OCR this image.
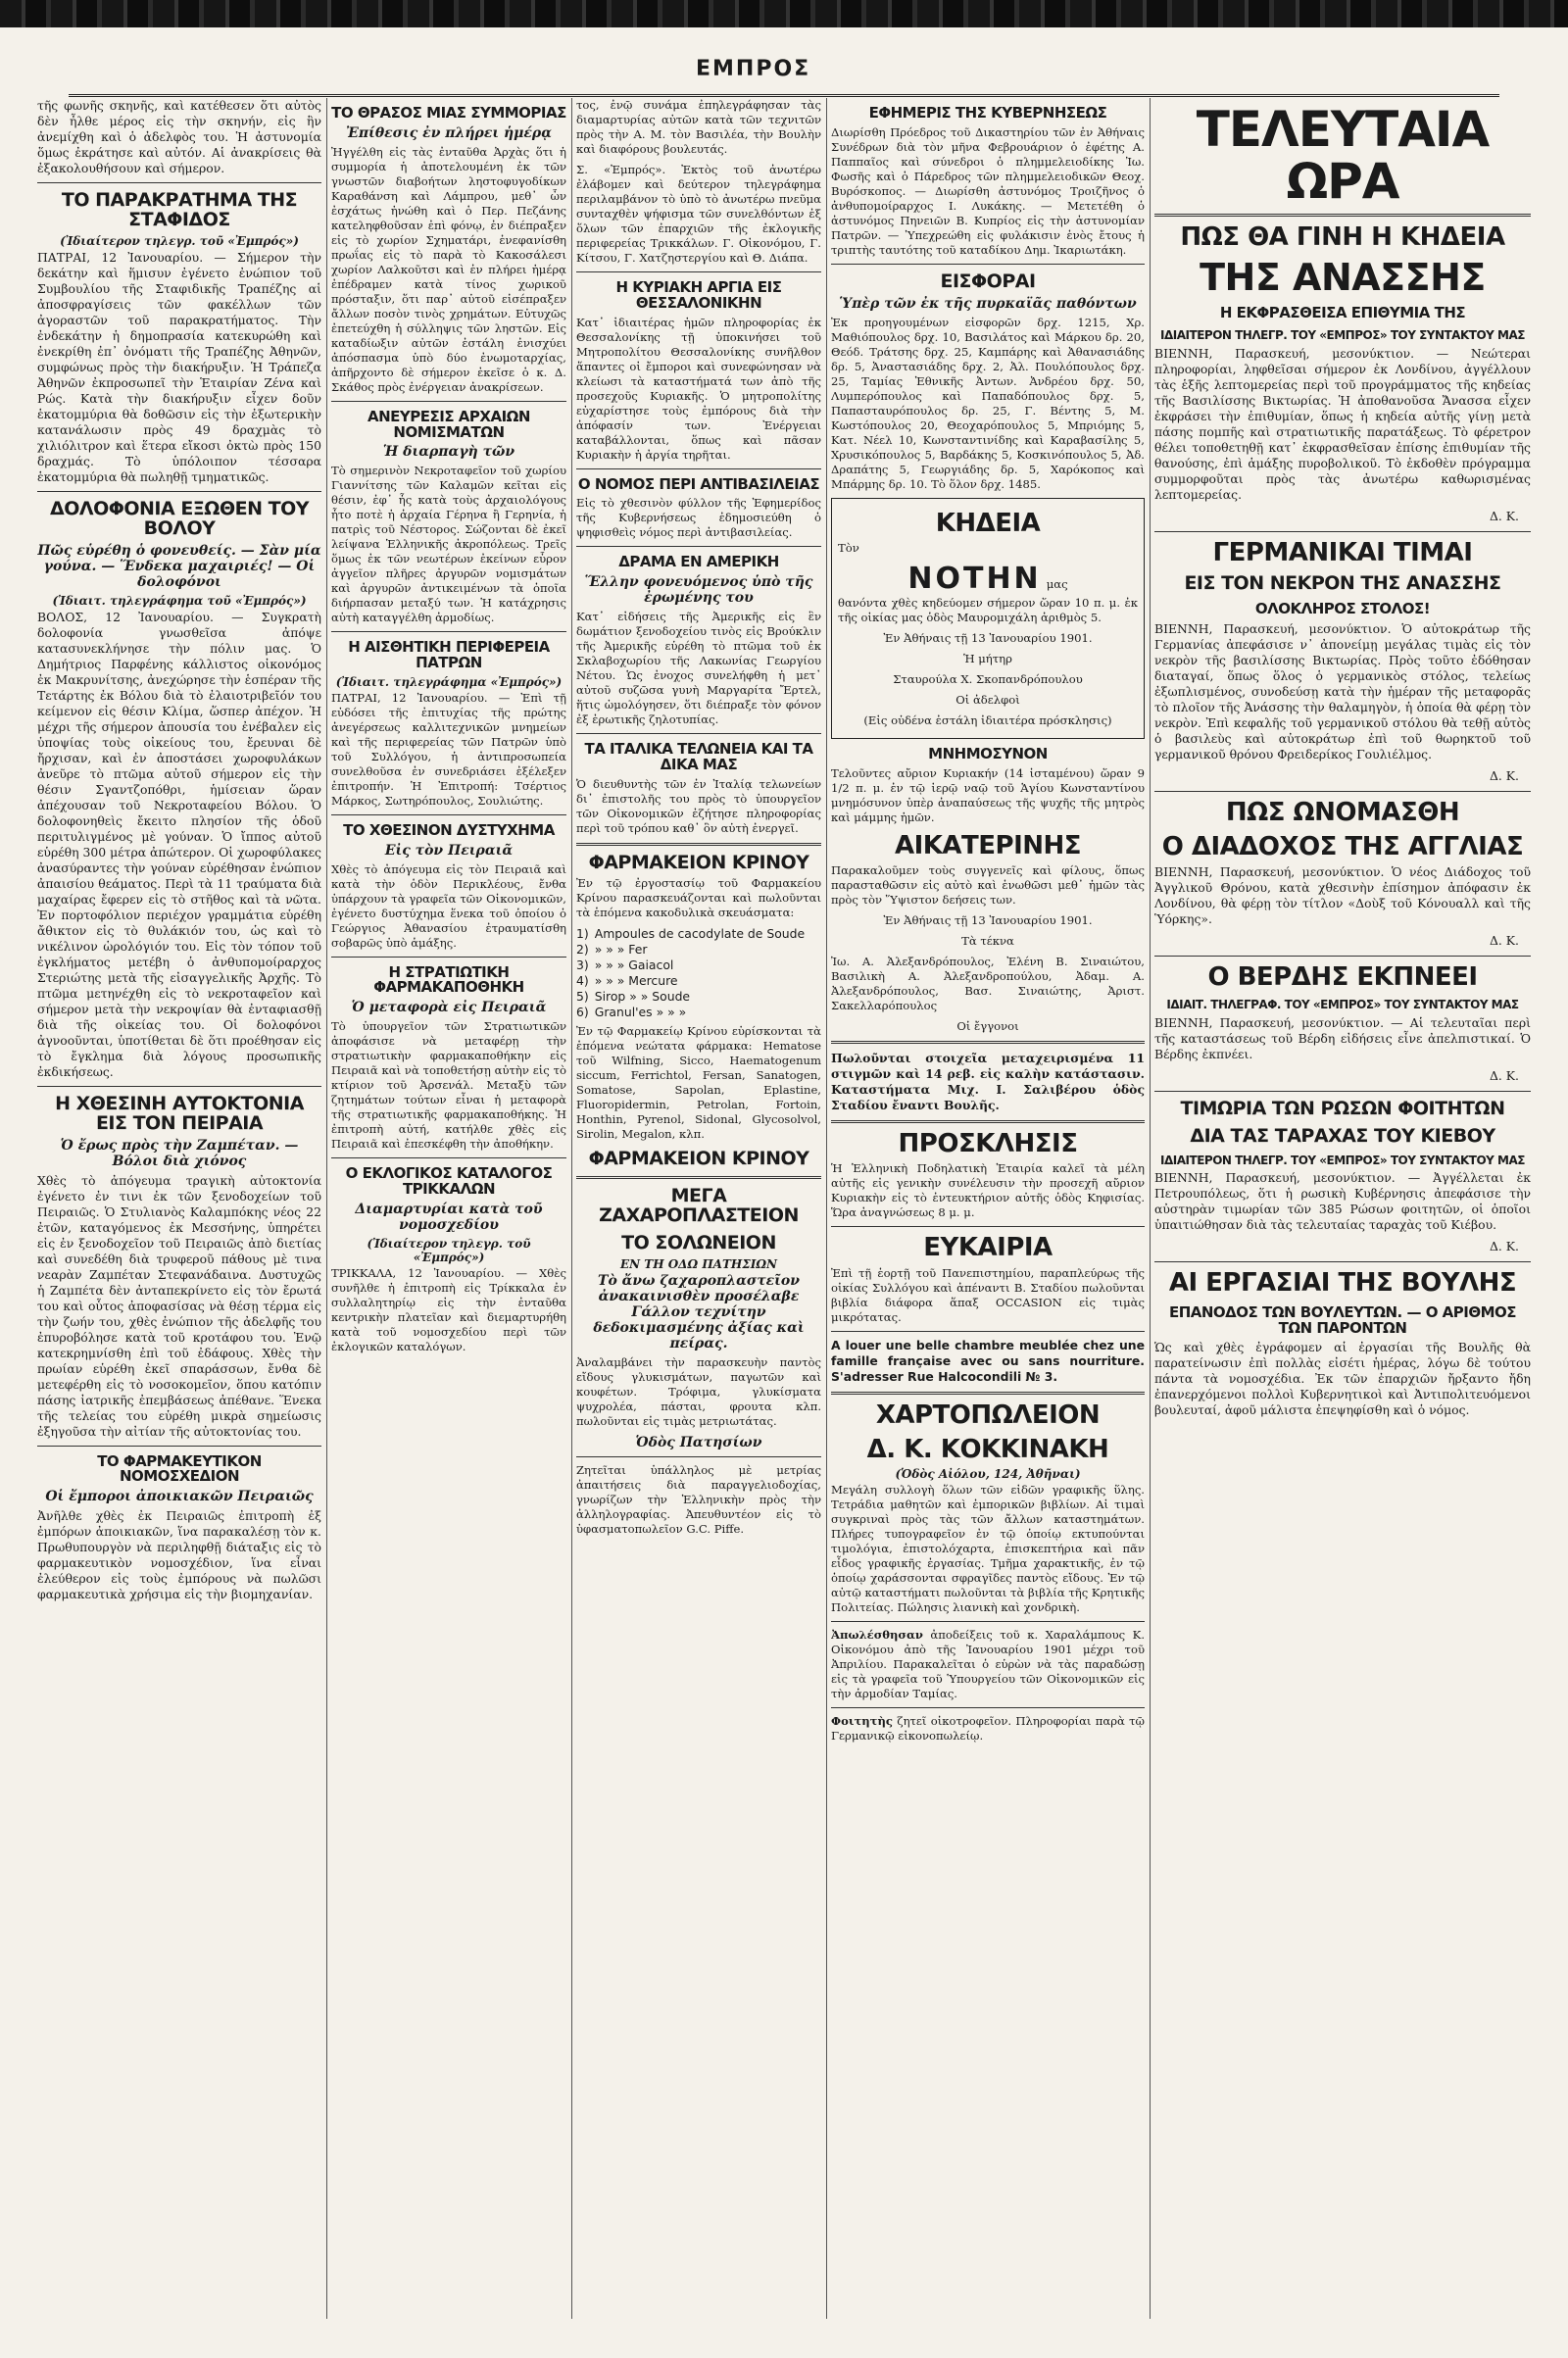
ΕΜΠΡΟΣ

τῆς φωνῆς σκηνῆς, καὶ κατέθεσεν ὅτι αὐτὸς δὲν ἦλθε μέρος εἰς τὴν σκηνήν, εἰς ἣν ἀνεμίχθη καὶ ὁ ἀδελφὸς του. Ἡ ἀστυνομία ὅμως ἐκράτησε καὶ αὐτόν. Αἱ ἀνακρίσεις θὰ ἐξακολουθήσουν καὶ σήμερον.

ΤΟ ΠΑΡΑΚΡΑΤΗΜΑ ΤΗΣ ΣΤΑΦΙΔΟΣ
(Ἰδιαίτερον τηλεγρ. τοῦ «Ἐμπρός»)

ΠΑΤΡΑΙ, 12 Ἰανουαρίου. — Σήμερον τὴν δεκάτην καὶ ἥμισυν ἐγένετο ἐνώπιον τοῦ Συμβουλίου τῆς Σταφιδικῆς Τραπέζης αἱ ἀποσφραγίσεις τῶν φακέλλων τῶν ἀγοραστῶν τοῦ παρακρατήματος. Τὴν ἐνδεκάτην ἡ δημοπρασία κατεκυρώθη καὶ ἐνεκρίθη ἐπ᾽ ὀνόματι τῆς Τραπέζης Ἀθηνῶν, συμφώνως πρὸς τὴν διακήρυξιν. Ἡ Τράπεζα Ἀθηνῶν ἐκπροσωπεῖ τὴν Ἑταιρίαν Ζένα καὶ Ρώς. Κατὰ τὴν διακήρυξιν εἶχεν δοῦν ἑκατομμύρια θὰ δοθῶσιν εἰς τὴν ἐξωτερικὴν κατανάλωσιν πρὸς 49 δραχμὰς τὸ χιλιόλιτρον καὶ ἕτερα εἴκοσι ὀκτὼ πρὸς 150 δραχμάς. Τὸ ὑπόλοιπον τέσσαρα ἑκατομμύρια θὰ πωληθῇ τμηματικῶς.

ΔΟΛΟΦΟΝΙΑ ΕΞΩΘΕΝ ΤΟΥ ΒΟΛΟΥ
Πῶς εὑρέθη ὁ φονευθείς. — Σὰν μία γούνα. — Ἕνδεκα μαχαιριές! — Οἱ δολοφόνοι
(Ἰδιαιτ. τηλεγράφημα τοῦ «Ἐμπρός»)

ΒΟΛΟΣ, 12 Ἰανουαρίου. — Συγκρατὴ δολοφονία γνωσθεῖσα ἀπόψε κατασυνεκλήνησε τὴν πόλιν μας. Ὁ Δημήτριος Παρφένης κάλλιστος οἰκονόμος ἐκ Μακρυνίτσης, ἀνεχώρησε τὴν ἑσπέραν τῆς Τετάρτης ἐκ Βόλου διὰ τὸ ἐλαιοτριβεῖόν του κείμενον εἰς θέσιν Κλίμα, ὥσπερ ἀπέχον. Ἡ μέχρι τῆς σήμερον ἀπουσία του ἐνέβαλεν εἰς ὑποψίας τοὺς οἰκείους του, ἔρευναι δὲ ἤρχισαν, καὶ ἐν ἀποστάσει χωροφυλάκων ἀνεῦρε τὸ πτῶμα αὐτοῦ σήμερον εἰς τὴν θέσιν Σγαντζοπόθρι, ἡμίσειαν ὥραν ἀπέχουσαν τοῦ Νεκροταφείου Βόλου. Ὁ δολοφονηθεὶς ἔκειτο πλησίον τῆς ὁδοῦ περιτυλιγμένος μὲ γούναν. Ὁ ἴππος αὐτοῦ εὑρέθη 300 μέτρα ἀπώτερον. Οἱ χωροφύλακες ἀνασύραντες τὴν γούναν εὑρέθησαν ἐνώπιον ἀπαισίου θεάματος. Περὶ τὰ 11 τραύματα διὰ μαχαίρας ἔφερεν εἰς τὸ στῆθος καὶ τὰ νῶτα. Ἐν πορτοφόλιον περιέχον γραμμάτια εὑρέθη ἄθικτον εἰς τὸ θυλάκιόν του, ὡς καὶ τὸ νικέλινον ὡρολόγιόν του. Εἰς τὸν τόπον τοῦ ἐγκλήματος μετέβη ὁ ἀνθυπομοίραρχος Στεριώτης μετὰ τῆς εἰσαγγελικῆς Ἀρχῆς. Τὸ πτῶμα μετηνέχθη εἰς τὸ νεκροταφεῖον καὶ σήμερον μετὰ τὴν νεκροψίαν θὰ ἐνταφιασθῇ διὰ τῆς οἰκείας του. Οἱ δολοφόνοι ἀγνοοῦνται, ὑποτίθεται δὲ ὅτι προέθησαν εἰς τὸ ἔγκλημα διὰ λόγους προσωπικῆς ἐκδικήσεως.

Η ΧΘΕΣΙΝΗ ΑΥΤΟΚΤΟΝΙΑ ΕΙΣ ΤΟΝ ΠΕΙΡΑΙΑ
Ὁ ἔρως πρὸς τὴν Ζαμπέταν. — Βόλοι διὰ χιόνος

Χθὲς τὸ ἀπόγευμα τραγικὴ αὐτοκτονία ἐγένετο ἐν τινι ἐκ τῶν ξενοδοχείων τοῦ Πειραιῶς. Ὁ Στυλιανὸς Καλαμπόκης νέος 22 ἐτῶν, καταγόμενος ἐκ Μεσσήνης, ὑπηρέτει εἰς ἐν ξενοδοχεῖον τοῦ Πειραιῶς ἀπὸ διετίας καὶ συνεδέθη διὰ τρυφεροῦ πάθους μὲ τινα νεαρὰν Ζαμπέταν Στεφανάδαινα. Δυστυχῶς ἡ Ζαμπέτα δὲν ἀνταπεκρίνετο εἰς τὸν ἔρωτά του καὶ οὗτος ἀποφασίσας νὰ θέσῃ τέρμα εἰς τὴν ζωήν του, χθὲς ἐνώπιον τῆς ἀδελφῆς του ἐπυροβόλησε κατὰ τοῦ κροτάφου του. Ἐνῷ κατεκρημνίσθη ἐπὶ τοῦ ἐδάφους. Χθὲς τὴν πρωίαν εὑρέθη ἐκεῖ σπαράσσων, ἔνθα δὲ μετεφέρθη εἰς τὸ νοσοκομεῖον, ὅπου κατόπιν πάσης ἰατρικῆς ἐπεμβάσεως ἀπέθανε. Ἕνεκα τῆς τελείας του εὑρέθη μικρὰ σημείωσις ἐξηγοῦσα τὴν αἰτίαν τῆς αὐτοκτονίας του.

ΤΟ ΦΑΡΜΑΚΕΥΤΙΚΟΝ ΝΟΜΟΣΧΕΔΙΟΝ
Οἱ ἔμποροι ἀποικιακῶν Πειραιῶς

Ἀνῆλθε χθὲς ἐκ Πειραιῶς ἐπιτροπὴ ἐξ ἐμπόρων ἀποικιακῶν, ἵνα παρακαλέσῃ τὸν κ. Πρωθυπουργὸν νὰ περιληφθῇ διάταξις εἰς τὸ φαρμακευτικὸν νομοσχέδιον, ἵνα εἶναι ἐλεύθερον εἰς τοὺς ἐμπόρους νὰ πωλῶσι φαρμακευτικὰ χρήσιμα εἰς τὴν βιομηχανίαν.

ΤΟ ΘΡΑΣΟΣ ΜΙΑΣ ΣΥΜΜΟΡΙΑΣ
Ἐπίθεσις ἐν πλήρει ἡμέρᾳ

Ἠγγέλθη εἰς τὰς ἐνταῦθα Ἀρχὰς ὅτι ἡ συμμορία ἡ ἀποτελουμένη ἐκ τῶν γνωστῶν διαβοήτων ληστοφυγοδίκων Καραθάνση καὶ Λάμπρου, μεθ᾽ ὧν ἐσχάτως ἡνώθη καὶ ὁ Περ. Πεζάνης κατεληφθοῦσαν ἐπὶ φόνῳ, ἐν διέπραξεν εἰς τὸ χωρίον Σχηματάρι, ἐνεφανίσθη πρωΐας εἰς τὸ παρὰ τὸ Κακοσάλεσι χωρίον Λαλκοῦτσι καὶ ἐν πλήρει ἡμέρᾳ ἐπέδραμεν κατὰ τίνος χωρικοῦ πρόσταξιν, ὅτι παρ᾽ αὐτοῦ εἰσέπραξεν ἄλλων ποσὸν τινὸς χρημάτων. Εὐτυχῶς ἐπετεύχθη ἡ σύλληψις τῶν ληστῶν. Εἰς καταδίωξιν αὐτῶν ἐστάλη ἐνισχύει ἀπόσπασμα ὑπὸ δύο ἐνωμοταρχίας, ἀπῆρχοντο δὲ σήμερον ἐκεῖσε ὁ κ. Δ. Σκάθος πρὸς ἐνέργειαν ἀνακρίσεων.

ΑΝΕΥΡΕΣΙΣ ΑΡΧΑΙΩΝ ΝΟΜΙΣΜΑΤΩΝ
Ἡ διαρπαγὴ τῶν

Τὸ σημερινὸν Νεκροταφεῖον τοῦ χωρίου Γιαννίτσης τῶν Καλαμῶν κεῖται εἰς θέσιν, ἐφ᾽ ἧς κατὰ τοὺς ἀρχαιολόγους ἦτο ποτὲ ἡ ἀρχαία Γέρηνα ἢ Γερηνία, ἡ πατρὶς τοῦ Νέστορος. Σώζονται δὲ ἐκεῖ λείψανα Ἑλληνικῆς ἀκροπόλεως. Τρεῖς ὅμως ἐκ τῶν νεωτέρων ἐκείνων εὗρον ἀγγεῖον πλῆρες ἀργυρῶν νομισμάτων καὶ ἀργυρῶν ἀντικειμένων τὰ ὁποῖα διήρπασαν μεταξύ των. Ἡ κατάχρησις αὐτὴ καταγγέλθη ἀρμοδίως.

Η ΑΙΣΘΗΤΙΚΗ ΠΕΡΙΦΕΡΕΙΑ ΠΑΤΡΩΝ
(Ἰδιαιτ. τηλεγράφημα «Ἐμπρός»)

ΠΑΤΡΑΙ, 12 Ἰανουαρίου. — Ἐπὶ τῇ εὐδόσει τῆς ἐπιτυχίας τῆς πρώτης ἀνεγέρσεως καλλιτεχνικῶν μνημείων καὶ τῆς περιφερείας τῶν Πατρῶν ὑπὸ τοῦ Συλλόγου, ἡ ἀντιπροσωπεία συνελθοῦσα ἐν συνεδριάσει ἐξέλεξεν ἐπιτροπήν. Ἡ Ἐπιτροπή: Τσέρτιος Μάρκος, Σωτηρόπουλος, Σουλιώτης.

ΤΟ ΧΘΕΣΙΝΟΝ ΔΥΣΤΥΧΗΜΑ
Εἰς τὸν Πειραιᾶ

Χθὲς τὸ ἀπόγευμα εἰς τὸν Πειραιᾶ καὶ κατὰ τὴν ὁδὸν Περικλέους, ἔνθα ὑπάρχουν τὰ γραφεῖα τῶν Οἰκονομικῶν, ἐγένετο δυστύχημα ἕνεκα τοῦ ὁποίου ὁ Γεώργιος Ἀθανασίου ἐτραυματίσθη σοβαρῶς ὑπὸ ἁμάξης.

Η ΣΤΡΑΤΙΩΤΙΚΗ ΦΑΡΜΑΚΑΠΟΘΗΚΗ
Ὁ μεταφορὰ εἰς Πειραιᾶ

Τὸ ὑπουργεῖον τῶν Στρατιωτικῶν ἀποφάσισε νὰ μεταφέρῃ τὴν στρατιωτικὴν φαρμακαποθήκην εἰς Πειραιᾶ καὶ νὰ τοποθετήσῃ αὐτὴν εἰς τὸ κτίριον τοῦ Ἀρσενάλ. Μεταξὺ τῶν ζητημάτων τούτων εἶναι ἡ μεταφορὰ τῆς στρατιωτικῆς φαρμακαποθήκης. Ἡ ἐπιτροπὴ αὐτή, κατήλθε χθὲς εἰς Πειραιᾶ καὶ ἐπεσκέφθη τὴν ἀποθήκην.

Ο ΕΚΛΟΓΙΚΟΣ ΚΑΤΑΛΟΓΟΣ ΤΡΙΚΚΑΛΩΝ
Διαμαρτυρίαι κατὰ τοῦ νομοσχεδίου
(Ἰδιαίτερον τηλεγρ. τοῦ «Ἐμπρός»)

ΤΡΙΚΚΑΛΑ, 12 Ἰανουαρίου. — Χθὲς συνῆλθε ἡ ἐπιτροπὴ εἰς Τρίκκαλα ἐν συλλαλητηρίῳ εἰς τὴν ἐνταῦθα κεντρικὴν πλατεῖαν καὶ διεμαρτυρήθη κατὰ τοῦ νομοσχεδίου περὶ τῶν ἐκλογικῶν καταλόγων.

τος, ἐνῷ συνάμα ἐπηλεγράφησαν τὰς διαμαρτυρίας αὐτῶν κατὰ τῶν τεχνιτῶν πρὸς τὴν Α. Μ. τὸν Βασιλέα, τὴν Βουλὴν καὶ διαφόρους βουλευτάς.

Σ. «Ἐμπρός». Ἐκτὸς τοῦ ἀνωτέρω ἐλάβομεν καὶ δεύτερον τηλεγράφημα περιλαμβάνον τὸ ὑπὸ τὸ ἀνωτέρω πνεῦμα συνταχθὲν ψήφισμα τῶν συνελθόντων ἐξ ὅλων τῶν ἐπαρχιῶν τῆς ἐκλογικῆς περιφερείας Τρικκάλων. Γ. Οἰκονόμου, Γ. Κίτσου, Γ. Χατζηστεργίου καὶ Θ. Διάπα.

Η ΚΥΡΙΑΚΗ ΑΡΓΙΑ ΕΙΣ ΘΕΣΣΑΛΟΝΙΚΗΝ

Κατ᾽ ἰδιαιτέρας ἡμῶν πληροφορίας ἐκ Θεσσαλονίκης τῇ ὑποκινήσει τοῦ Μητροπολίτου Θεσσαλονίκης συνῆλθον ἅπαντες οἱ ἔμποροι καὶ συνεφώνησαν νὰ κλείωσι τὰ καταστήματά των ἀπὸ τῆς προσεχοῦς Κυριακῆς. Ὁ μητροπολίτης εὐχαρίστησε τοὺς ἐμπόρους διὰ τὴν ἀπόφασίν των. Ἐνέργειαι καταβάλλονται, ὅπως καὶ πᾶσαν Κυριακὴν ἡ ἀργία τηρῆται.

Ο ΝΟΜΟΣ ΠΕΡΙ ΑΝΤΙΒΑΣΙΛΕΙΑΣ

Εἰς τὸ χθεσινὸν φύλλον τῆς Ἐφημερίδος τῆς Κυβερνήσεως ἐδημοσιεύθη ὁ ψηφισθεὶς νόμος περὶ ἀντιβασιλείας.

ΔΡΑΜΑ ΕΝ ΑΜΕΡΙΚΗ
Ἕλλην φονευόμενος ὑπὸ τῆς ἐρωμένης του

Κατ᾽ εἰδήσεις τῆς Ἀμερικῆς εἰς ἓν δωμάτιον ξενοδοχείου τινὸς εἰς Βρούκλιν τῆς Ἀμερικῆς εὑρέθη τὸ πτῶμα τοῦ ἐκ Σκλαβοχωρίου τῆς Λακωνίας Γεωργίου Νέτου. Ὡς ἐνοχος συνελήφθη ἡ μετ᾽ αὐτοῦ συζῶσα γυνὴ Μαργαρίτα Ἔρτελ, ἥτις ὡμολόγησεν, ὅτι διέπραξε τὸν φόνον ἐξ ἐρωτικῆς ζηλοτυπίας.

ΤΑ ΙΤΑΛΙΚΑ ΤΕΛΩΝΕΙΑ ΚΑΙ ΤΑ ΔΙΚΑ ΜΑΣ

Ὁ διευθυντὴς τῶν ἐν Ἰταλίᾳ τελωνείων δι᾽ ἐπιστολῆς του πρὸς τὸ ὑπουργεῖον τῶν Οἰκονομικῶν ἐζήτησε πληροφορίας περὶ τοῦ τρόπου καθ᾽ ὃν αὐτὴ ἐνεργεῖ.

ΦΑΡΜΑΚΕΙΟΝ ΚΡΙΝΟΥ

Ἐν τῷ ἐργοστασίῳ τοῦ Φαρμακείου Κρίνου παρασκευάζονται καὶ πωλοῦνται τὰ ἑπόμενα κακοδυλικὰ σκευάσματα:

1) Ampoules de cacodylate de Soude
2) » » » Fer
3) » » » Gaiacol
4) » » » Mercure
5) Sirop » » Soude
6) Granul'es » » »

Ἐν τῷ Φαρμακείῳ Κρίνου εὑρίσκονται τὰ ἑπόμενα νεώτατα φάρμακα: Hematose τοῦ Wilfning, Sicco, Haematogenum siccum, Ferrichtol, Fersan, Sanatogen, Somatose, Sapolan, Eplastine, Fluoropidermin, Petrolan, Fortoin, Honthin, Pyrenol, Sidonal, Glycosolvol, Sirolin, Megalon, κλπ.

ΦΑΡΜΑΚΕΙΟΝ ΚΡΙΝΟΥ
ΜΕΓΑ ΖΑΧΑΡΟΠΛΑΣΤΕΙΟΝ
ΤΟ ΣΟΛΩΝΕΙΟΝ
ΕΝ ΤΗ ΟΔΩ ΠΑΤΗΣΙΩΝ
Τὸ ἄνω ζαχαροπλαστεῖον ἀνακαινισθὲν προσέλαβε Γάλλον τεχνίτην δεδοκιμασμένης ἀξίας καὶ πείρας.

Ἀναλαμβάνει τὴν παρασκευὴν παντὸς εἴδους γλυκισμάτων, παγωτῶν καὶ κουφέτων. Τρόφιμα, γλυκίσματα ψυχρολέα, πάσται, φρουτα κλπ. πωλοῦνται εἰς τιμὰς μετριωτάτας.

Ὁδὸς Πατησίων

Ζητεῖται ὑπάλληλος μὲ μετρίας ἀπαιτήσεις διὰ παραγγελιοδοχίας, γνωρίζων τὴν Ἑλληνικὴν πρὸς τὴν ἀλληλογραφίας. Ἀπευθυντέον εἰς τὸ ὑφασματοπωλεῖον G.C. Piffe.

ΕΦΗΜΕΡΙΣ ΤΗΣ ΚΥΒΕΡΝΗΣΕΩΣ

Διωρίσθη Πρόεδρος τοῦ Δικαστηρίου τῶν ἐν Ἀθήναις Συνέδρων διὰ τὸν μῆνα Φεβρουάριον ὁ ἐφέτης Α. Παππαῖος καὶ σύνεδροι ὁ πλημμελειοδίκης Ἰω. Φωσῆς καὶ ὁ Πάρεδρος τῶν πλημμελειοδικῶν Θεοχ. Βυρόσκοπος. — Διωρίσθη ἀστυνόμος Τροιζῆνος ὁ ἀνθυπομοίραρχος Ι. Λυκάκης. — Μετετέθη ὁ ἀστυνόμος Πηνειῶν Β. Κυπρίος εἰς τὴν ἀστυνομίαν Πατρῶν. — Ὑπεχρεώθη εἰς φυλάκισιν ἑνὸς ἔτους ἡ τριπτὴς ταυτότης τοῦ καταδίκου Δημ. Ἰκαριωτάκη.

ΕΙΣΦΟΡΑΙ
Ὑπὲρ τῶν ἐκ τῆς πυρκαϊᾶς παθόντων

Ἐκ προηγουμένων εἰσφορῶν δρχ. 1215, Χρ. Μαθιόπουλος δρχ. 10, Βασιλάτος καὶ Μάρκου δρ. 20, Θεόδ. Τράτσης δρχ. 25, Καμπάρης καὶ Ἀθανασιάδης δρ. 5, Ἀναστασιάδης δρχ. 2, Ἀλ. Πουλόπουλος δρχ. 25, Ταμίας Ἐθνικῆς Ἀντων. Ἀνδρέου δρχ. 50, Λυμπερόπουλος καὶ Παπαδόπουλος δρχ. 5, Παπασταυρόπουλος δρ. 25, Γ. Βέντης 5, Μ. Κωστόπουλος 20, Θεοχαρόπουλος 5, Μπριόμης 5, Κατ. Νέελ 10, Κωνσταντινίδης καὶ Καραβασίλης 5, Χρυσικόπουλος 5, Βαρδάκης 5, Κοσκινόπουλος 5, Ἀδ. Δραπάτης 5, Γεωργιάδης δρ. 5, Χαρόκοπος καὶ Μπάρμης δρ. 10. Τὸ ὅλον δρχ. 1485.

ΚΗΔΕΙΑ
Τὸν
ΝΟΤΗΝ μας

θανόντα χθὲς κηδεύομεν σήμερον ὥραν 10 π. μ. ἐκ τῆς οἰκίας μας ὁδὸς Μαυρομιχάλη ἀριθμὸς 5.

Ἐν Ἀθήναις τῇ 13 Ἰανουαρίου 1901.
Ἡ μήτηρ
Σταυρούλα Χ. Σκοπανδρόπουλου
Οἱ ἀδελφοὶ
(Εἰς οὐδένα ἐστάλη ἰδιαιτέρα πρόσκλησις)
ΜΝΗΜΟΣΥΝΟΝ

Τελοῦντες αὔριον Κυριακήν (14 ἰσταμένου) ὥραν 9 1/2 π. μ. ἐν τῷ ἱερῷ ναῷ τοῦ Ἁγίου Κωνσταντίνου μνημόσυνον ὑπὲρ ἀναπαύσεως τῆς ψυχῆς τῆς μητρὸς καὶ μάμμης ἡμῶν.

ΑΙΚΑΤΕΡΙΝΗΣ

Παρακαλοῦμεν τοὺς συγγενεῖς καὶ φίλους, ὅπως παρασταθῶσιν εἰς αὐτὸ καὶ ἑνωθῶσι μεθ᾽ ἡμῶν τὰς πρὸς τὸν Ὕψιστον δεήσεις των.

Ἐν Ἀθήναις τῇ 13 Ἰανουαρίου 1901.
Τὰ τέκνα

Ἰω. Α. Ἀλεξανδρόπουλος, Ἐλένη Β. Σιναιώτου, Βασιλικὴ Α. Ἀλεξανδροπούλου, Ἀδαμ. Α. Ἀλεξανδρόπουλος, Βασ. Σιναιώτης, Ἀριστ. Σακελλαρόπουλος

Οἱ ἔγγονοι

Πωλοῦνται στοιχεῖα μεταχειρισμένα 11 στιγμῶν καὶ 14 ρεβ. εἰς καλὴν κατάστασιν. Καταστήματα Μιχ. Ι. Σαλιβέρου ὁδὸς Σταδίου ἔναντι Βουλῆς.

ΠΡΟΣΚΛΗΣΙΣ

Ἡ Ἑλληνικὴ Ποδηλατικὴ Ἑταιρία καλεῖ τὰ μέλη αὐτῆς εἰς γενικὴν συνέλευσιν τὴν προσεχῆ αὔριον Κυριακὴν εἰς τὸ ἐντευκτήριον αὐτῆς ὁδὸς Κηφισίας. Ὥρα ἀναγνώσεως 8 μ. μ.

ΕΥΚΑΙΡΙΑ

Ἐπὶ τῇ ἑορτῇ τοῦ Πανεπιστημίου, παραπλεύρως τῆς οἰκίας Συλλόγου καὶ ἀπέναντι Β. Σταδίου πωλοῦνται βιβλία διάφορα ἅπαξ OCCASION εἰς τιμὰς μικρότατας.

A louer une belle chambre meublée chez une famille française avec ou sans nourriture. S'adresser Rue Halcocondili № 3.

ΧΑΡΤΟΠΩΛΕΙΟΝ
Δ. Κ. ΚΟΚΚΙΝΑΚΗ
(Ὁδὸς Αἰόλου, 124, Ἀθῆναι)

Μεγάλη συλλογὴ ὅλων τῶν εἰδῶν γραφικῆς ὕλης. Τετράδια μαθητῶν καὶ ἐμπορικῶν βιβλίων. Αἱ τιμαὶ συγκριναὶ πρὸς τὰς τῶν ἄλλων καταστημάτων. Πλήρες τυπογραφεῖον ἐν τῷ ὁποίῳ εκτυπούνται τιμολόγια, ἐπιστολόχαρτα, ἐπισκεπτήρια καὶ πᾶν εἶδος γραφικῆς ἐργασίας. Τμῆμα χαρακτικῆς, ἐν τῷ ὁποίῳ χαράσσονται σφραγῖδες παντὸς εἴδους. Ἐν τῷ αὐτῷ καταστήματι πωλοῦνται τὰ βιβλία τῆς Κρητικῆς Πολιτείας. Πώλησις λιανικὴ καὶ χονδρικὴ.

Ἀπωλέσθησαν ἀποδείξεις τοῦ κ. Χαραλάμπους Κ. Οἰκονόμου ἀπὸ τῆς Ἰανουαρίου 1901 μέχρι τοῦ Ἀπριλίου. Παρακαλεῖται ὁ εὑρὼν νὰ τὰς παραδώσῃ εἰς τὰ γραφεῖα τοῦ Ὑπουργείου τῶν Οἰκονομικῶν εἰς τὴν ἁρμοδίαν Ταμίας.

Φοιτητὴς ζητεῖ οἰκοτροφεῖον. Πληροφορίαι παρὰ τῷ Γερμανικῷ εἰκονοπωλείῳ.

ΤΕΛΕΥΤΑΙΑ ΩΡΑ
ΠΩΣ ΘΑ ΓΙΝΗ Η ΚΗΔΕΙΑ
ΤΗΣ ΑΝΑΣΣΗΣ
Η ΕΚΦΡΑΣΘΕΙΣΑ ΕΠΙΘΥΜΙΑ ΤΗΣ
ΙΔΙΑΙΤΕΡΟΝ ΤΗΛΕΓΡ. ΤΟΥ «ΕΜΠΡΟΣ» ΤΟΥ ΣΥΝΤΑΚΤΟΥ ΜΑΣ

ΒΙΕΝΝΗ, Παρασκευή, μεσονύκτιον. — Νεώτεραι πληροφορίαι, ληφθεῖσαι σήμερον ἐκ Λονδίνου, ἀγγέλλουν τὰς ἑξῆς λεπτομερείας περὶ τοῦ προγράμματος τῆς κηδείας τῆς Βασιλίσσης Βικτωρίας. Ἡ ἀποθανοῦσα Ἄνασσα εἶχεν ἐκφράσει τὴν ἐπιθυμίαν, ὅπως ἡ κηδεία αὐτῆς γίνῃ μετὰ πάσης πομπῆς καὶ στρατιωτικῆς παρατάξεως. Τὸ φέρετρον θέλει τοποθετηθῇ κατ᾽ ἐκφρασθεῖσαν ἐπίσης ἐπιθυμίαν τῆς θανούσης, ἐπὶ ἁμάξης πυροβολικοῦ. Τὸ ἐκδοθὲν πρόγραμμα συμμορφοῦται πρὸς τὰς ἀνωτέρω καθωρισμένας λεπτομερείας.

Δ. Κ.
ΓΕΡΜΑΝΙΚΑΙ ΤΙΜΑΙ
ΕΙΣ ΤΟΝ ΝΕΚΡΟΝ ΤΗΣ ΑΝΑΣΣΗΣ
ΟΛΟΚΛΗΡΟΣ ΣΤΟΛΟΣ!

ΒΙΕΝΝΗ, Παρασκευή, μεσονύκτιον. Ὁ αὐτοκράτωρ τῆς Γερμανίας ἀπεφάσισε ν᾽ ἀπονείμῃ μεγάλας τιμὰς εἰς τὸν νεκρὸν τῆς βασιλίσσης Βικτωρίας. Πρὸς τοῦτο ἐδόθησαν διαταγαί, ὅπως ὅλος ὁ γερμανικὸς στόλος, τελείως ἐξωπλισμένος, συνοδεύσῃ κατὰ τὴν ἡμέραν τῆς μεταφορᾶς τὸ πλοῖον τῆς Ἀνάσσης τὴν θαλαμηγὸν, ἡ ὁποία θὰ φέρῃ τὸν νεκρὸν. Ἐπὶ κεφαλῆς τοῦ γερμανικοῦ στόλου θὰ τεθῇ αὐτὸς ὁ βασιλεὺς καὶ αὐτοκράτωρ ἐπὶ τοῦ θωρηκτοῦ τοῦ γερμανικοῦ θρόνου Φρειδερίκος Γουλιέλμος.

Δ. Κ.
ΠΩΣ ΩΝΟΜΑΣΘΗ
Ο ΔΙΑΔΟΧΟΣ ΤΗΣ ΑΓΓΛΙΑΣ

ΒΙΕΝΝΗ, Παρασκευή, μεσονύκτιον. Ὁ νέος Διάδοχος τοῦ Ἀγγλικοῦ Θρόνου, κατὰ χθεσινὴν ἐπίσημον ἀπόφασιν ἐκ Λονδίνου, θὰ φέρῃ τὸν τίτλον «Δοὺξ τοῦ Κόνουαλλ καὶ τῆς Ὑόρκης».

Δ. Κ.
Ο ΒΕΡΔΗΣ ΕΚΠΝΕΕΙ
ΙΔΙΑΙΤ. ΤΗΛΕΓΡΑΦ. ΤΟΥ «ΕΜΠΡΟΣ» ΤΟΥ ΣΥΝΤΑΚΤΟΥ ΜΑΣ

ΒΙΕΝΝΗ, Παρασκευή, μεσονύκτιον. — Αἱ τελευταῖαι περὶ τῆς καταστάσεως τοῦ Βέρδη εἰδήσεις εἶνε ἀπελπιστικαί. Ὁ Βέρδης ἐκπνέει.

Δ. Κ.
ΤΙΜΩΡΙΑ ΤΩΝ ΡΩΣΩΝ ΦΟΙΤΗΤΩΝ
ΔΙΑ ΤΑΣ ΤΑΡΑΧΑΣ ΤΟΥ ΚΙΕΒΟΥ
ΙΔΙΑΙΤΕΡΟΝ ΤΗΛΕΓΡ. ΤΟΥ «ΕΜΠΡΟΣ» ΤΟΥ ΣΥΝΤΑΚΤΟΥ ΜΑΣ

ΒΙΕΝΝΗ, Παρασκευή, μεσονύκτιον. — Ἀγγέλλεται ἐκ Πετρουπόλεως, ὅτι ἡ ρωσικὴ Κυβέρνησις ἀπεφάσισε τὴν αὐστηρὰν τιμωρίαν τῶν 385 Ρώσων φοιτητῶν, οἱ ὁποῖοι ὑπαιτιώθησαν διὰ τὰς τελευταίας ταραχὰς τοῦ Κιέβου.

Δ. Κ.
ΑΙ ΕΡΓΑΣΙΑΙ ΤΗΣ ΒΟΥΛΗΣ
ΕΠΑΝΟΔΟΣ ΤΩΝ ΒΟΥΛΕΥΤΩΝ. — Ο ΑΡΙΘΜΟΣ ΤΩΝ ΠΑΡΟΝΤΩΝ

Ὡς καὶ χθὲς ἐγράφομεν αἱ ἐργασίαι τῆς Βουλῆς θὰ παρατείνωσιν ἐπὶ πολλὰς εἰσέτι ἡμέρας, λόγω δὲ τούτου πάντα τὰ νομοσχέδια. Ἐκ τῶν ἐπαρχιῶν ἤρξαντο ἤδη ἐπανερχόμενοι πολλοὶ Κυβερνητικοὶ καὶ Ἀντιπολιτευόμενοι βουλευταί, ἀφοῦ μάλιστα ἐπεψηφίσθη καὶ ὁ νόμος.
